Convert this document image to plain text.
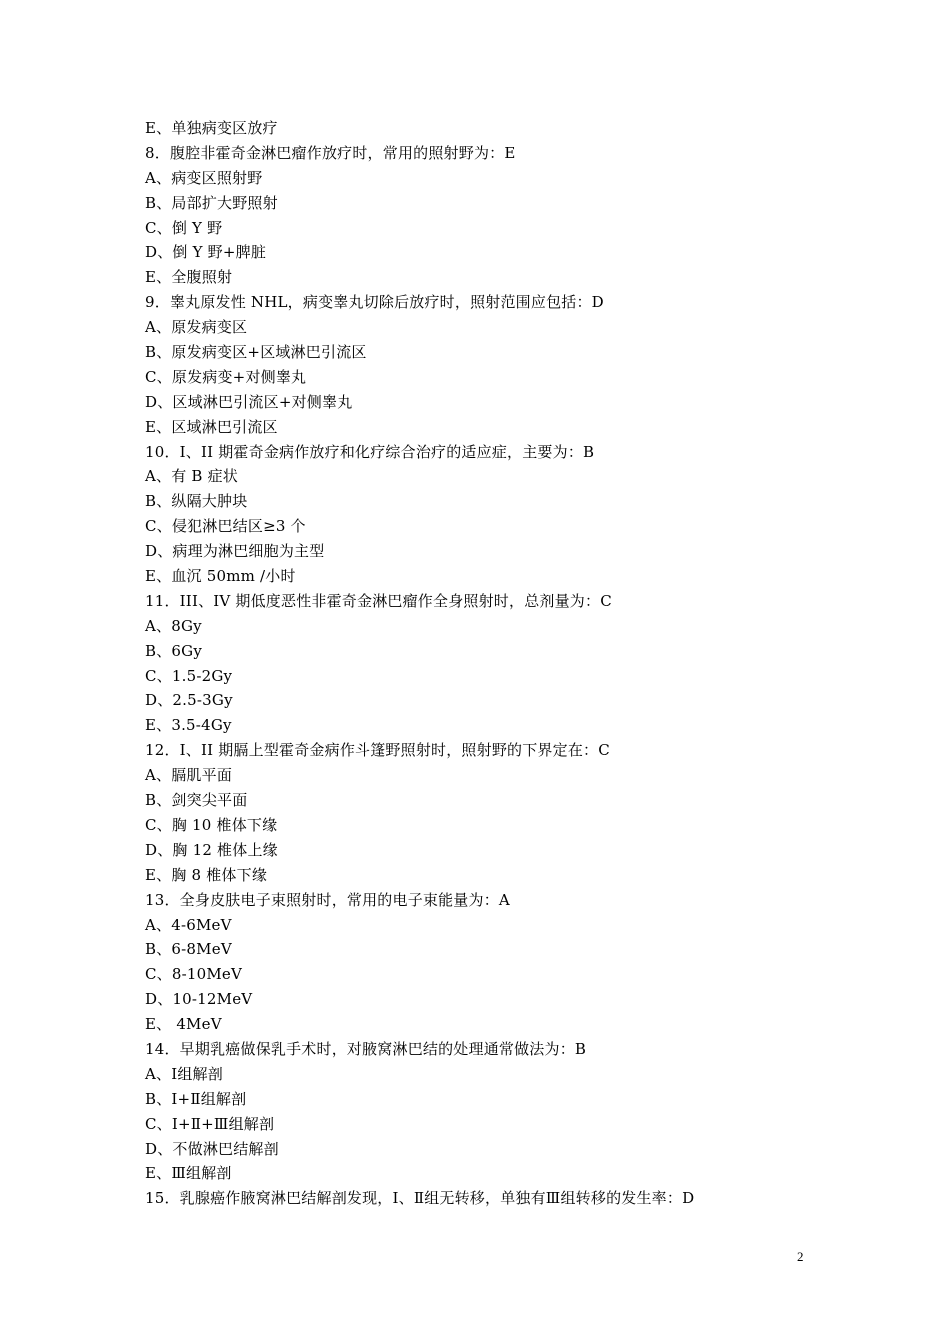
E、单独病变区放疗
8．腹腔非霍奇金淋巴瘤作放疗时，常用的照射野为：E
A、病变区照射野
B、局部扩大野照射
C、倒 Y 野
D、倒 Y 野+脾脏
E、全腹照射
9．睾丸原发性 NHL，病变睾丸切除后放疗时，照射范围应包括：D
A、原发病变区
B、原发病变区+区域淋巴引流区
C、原发病变+对侧睾丸
D、区域淋巴引流区+对侧睾丸
E、区域淋巴引流区
10．I、II 期霍奇金病作放疗和化疗综合治疗的适应症，主要为：B
A、有 B 症状
B、纵隔大肿块
C、侵犯淋巴结区≥3 个
D、病理为淋巴细胞为主型
E、血沉 50mm /小时
11．III、IV 期低度恶性非霍奇金淋巴瘤作全身照射时，总剂量为：C
A、8Gy
B、6Gy
C、1.5-2Gy
D、2.5-3Gy
E、3.5-4Gy
12．I、II 期膈上型霍奇金病作斗篷野照射时，照射野的下界定在：C
A、膈肌平面
B、剑突尖平面
C、胸 10 椎体下缘
D、胸 12 椎体上缘
E、胸 8 椎体下缘
13．全身皮肤电子束照射时，常用的电子束能量为：A
A、4-6MeV
B、6-8MeV
C、8-10MeV
D、10-12MeV
E、 4MeV
14．早期乳癌做保乳手术时，对腋窝淋巴结的处理通常做法为：B
A、Ⅰ组解剖
B、Ⅰ+Ⅱ组解剖
C、Ⅰ+Ⅱ+Ⅲ组解剖
D、不做淋巴结解剖
E、Ⅲ组解剖
15．乳腺癌作腋窝淋巴结解剖发现，Ⅰ、Ⅱ组无转移，单独有Ⅲ组转移的发生率：D
2
